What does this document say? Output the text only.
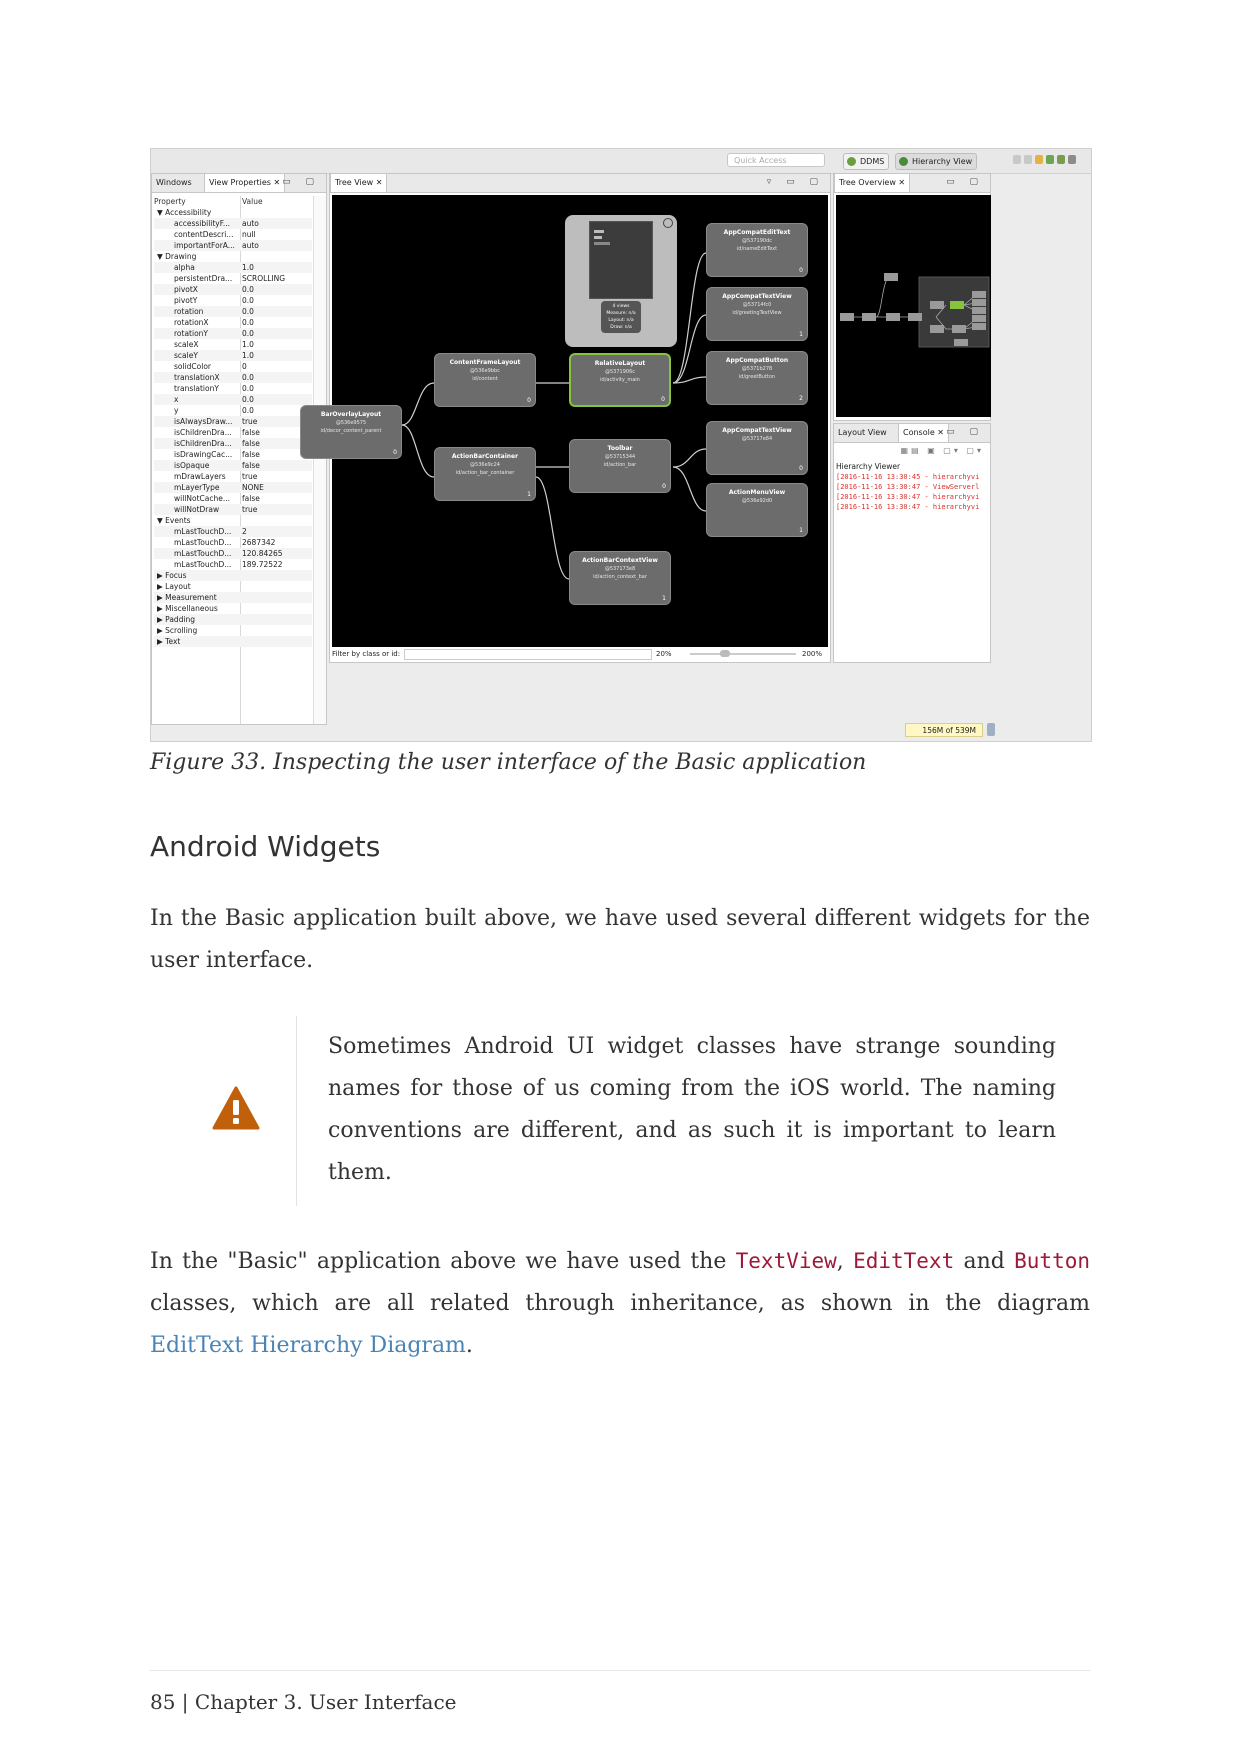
Quick Access	DDMS	Hierarchy View
Windows	View Properties ✕ ▭ ▢
Property	Value
▼ Accessibility
accessibilityF...	auto
contentDescri...	null
importantForA... auto
▼ Drawing
alpha	1.0
persistentDra...	SCROLLING
pivotX	0.0
pivotY	0.0
rotation	0.0
rotationX	0.0
rotationY	0.0
scaleX	1.0
scaleY	1.0
solidColor	0
translationX	0.0
translationY	0.0
x	0.0
y	0.0
isAlwaysDraw...	true
isChildrenDra...	false
isChildrenDra...	false
isDrawingCac...	false
isOpaque	false
mDrawLayers	true
mLayerType	NONE
willNotCache...	false
willNotDraw	true
▼ Events
mLastTouchD...	2
mLastTouchD...	2687342
mLastTouchD...	120.84265
mLastTouchD...	189.72522
▶ Focus
▶ Layout
▶ Measurement
▶ Miscellaneous
▶ Padding
▶ Scrolling
▶ Text
Tree View ✕	▿ ▭ ▢
4 views
Measure: n/a
Layout: n/a
Draw: n/a
BarOverlayLayout
@536e9575
id/decor_content_parent
0
ContentFrameLayout
@536e9bbc
id/content
0
ActionBarContainer
@536e9c24
id/action_bar_container
1
RelativeLayout
@5371906c
id/activity_main
0
Toolbar
@53715344
id/action_bar
0
ActionBarContextView
@537173e8
id/action_context_bar
1
AppCompatEditText
@537190dc
id/nameEditText
0
AppCompatTextView
@53714fc0
id/greetingTextView
1
AppCompatButton
@5371b278
id/greetButton
2
AppCompatTextView
@53717e84
0
ActionMenuView
@536e92d0
1
Filter by class or id:	20%	200%
Tree Overview ✕	▭ ▢
Layout View	Console ✕ ▭ ▢
▦▤ ▣ ▢▾ ▢▾
Hierarchy Viewer
[2016-11-16 13:30:45 - hierarchyvi
[2016-11-16 13:30:47 - ViewServerl
[2016-11-16 13:30:47 - hierarchyvi
[2016-11-16 13:30:47 - hierarchyvi
156M of 539M
Figure 33. Inspecting the user interface of the Basic application
Android Widgets

In the Basic application built above, we have used several different widgets for the user interface.

Sometimes Android UI widget classes have strange sounding names for those of us coming from the iOS world. The naming conventions are different, and as such it is important to learn them.

In the "Basic" application above we have used the TextView, EditText and Button classes, which are all related through inheritance, as shown in the diagram EditText Hierarchy Diagram.

85 | Chapter 3. User Interface
